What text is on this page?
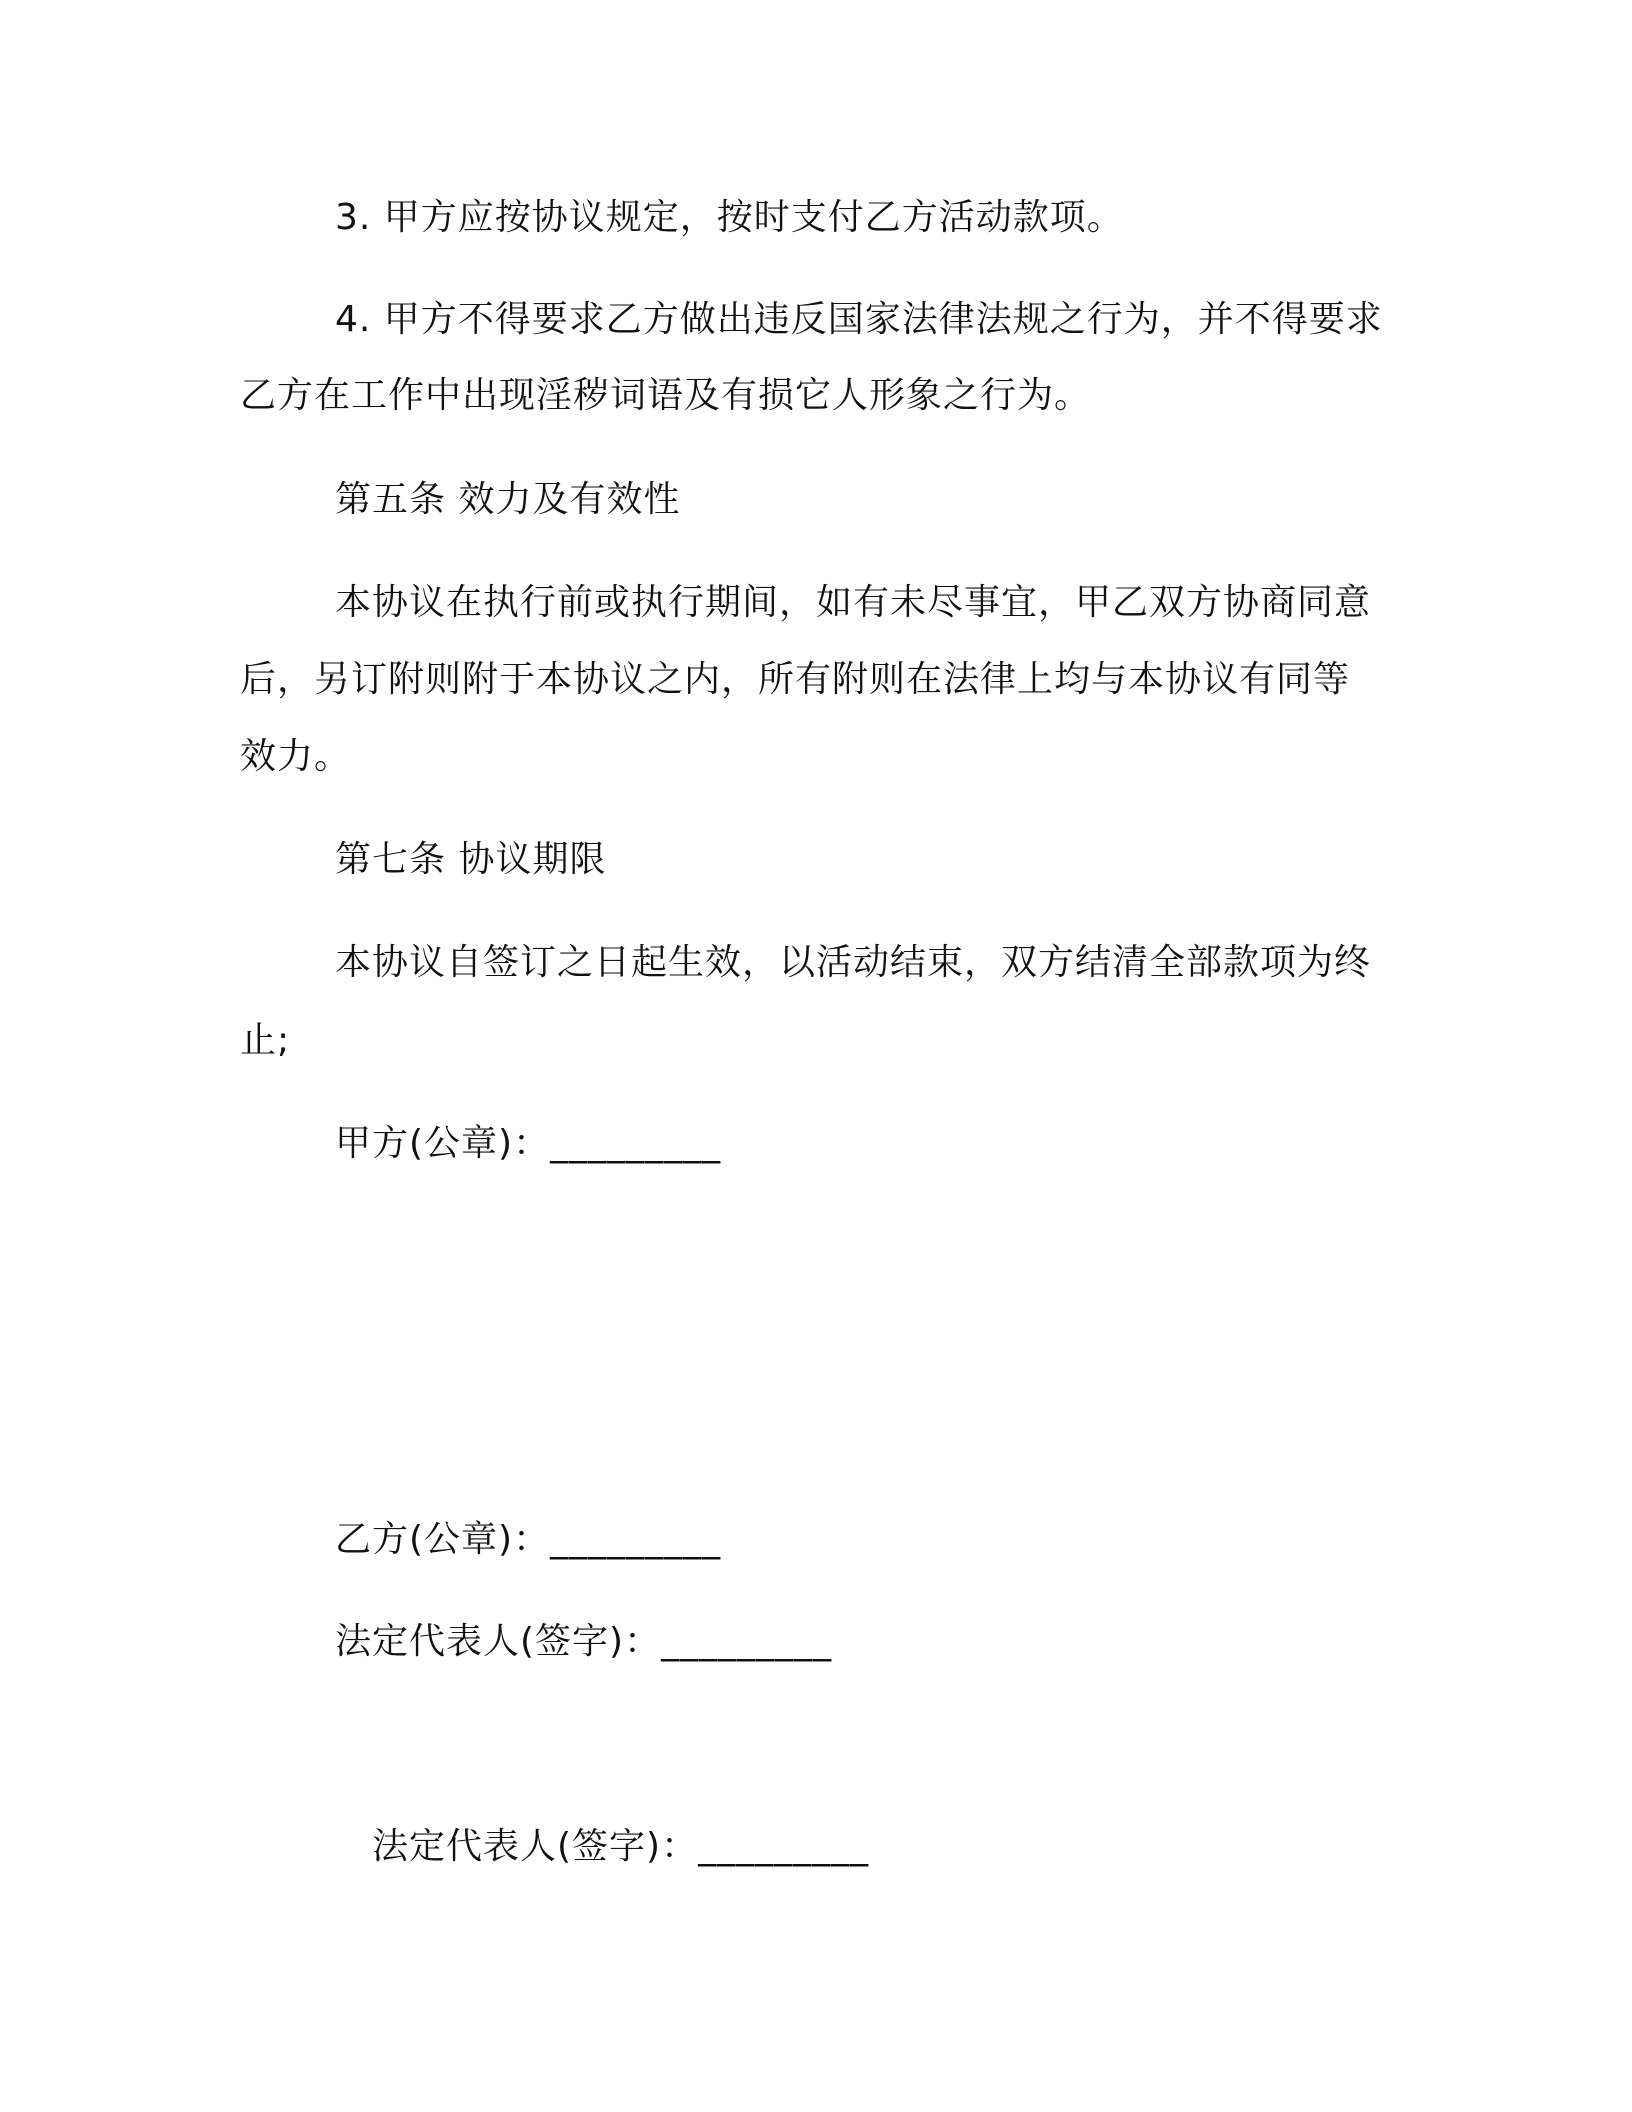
3. 甲方应按协议规定，按时支付乙方活动款项。
4. 甲方不得要求乙方做出违反国家法律法规之行为，并不得要求
乙方在工作中出现淫秽词语及有损它人形象之行为。
第五条 效力及有效性
本协议在执行前或执行期间，如有未尽事宜，甲乙双方协商同意
后，另订附则附于本协议之内，所有附则在法律上均与本协议有同等
效力。
第七条 协议期限
本协议自签订之日起生效，以活动结束，双方结清全部款项为终
止;
甲方(公章)：_________
乙方(公章)：_________
法定代表人(签字)：_________
法定代表人(签字)：_________
